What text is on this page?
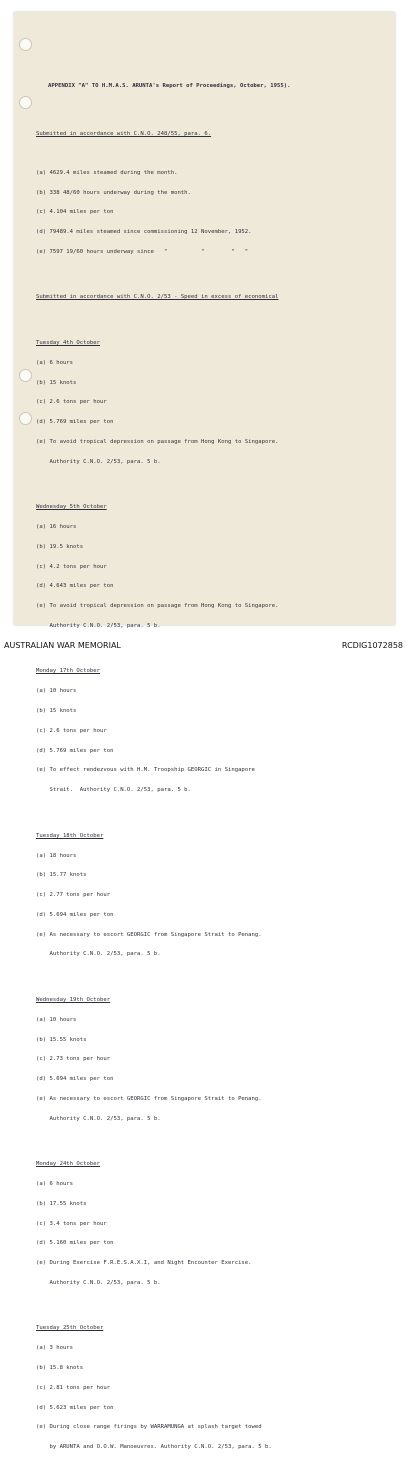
APPENDIX "A" TO H.M.A.S. ARUNTA's Report of Proceedings, October, 1955).

Submitted in accordance with C.N.O. 248/55, para. 6.

(a) 4629.4 miles steamed during the month.

(b) 338 48/60 hours underway during the month.

(c) 4.104 miles per ton

(d) 79489.4 miles steamed since commissioning 12 November, 1952.

(e) 7597 19/60 hours underway since   "          "        "   "

Submitted in accordance with C.N.O. 2/53 - Speed in excess of economical

Tuesday 4th October

(a) 6 hours

(b) 15 knots

(c) 2.6 tons per hour

(d) 5.769 miles per ton

(e) To avoid tropical depression on passage from Hong Kong to Singapore.

Authority C.N.O. 2/53, para. 5 b.

Wednesday 5th October

(a) 16 hours

(b) 19.5 knots

(c) 4.2 tons per hour

(d) 4.643 miles per ton

(e) To avoid tropical depression on passage from Hong Kong to Singapore.

Authority C.N.O. 2/53, para. 5 b.

Monday 17th October

(a) 10 hours

(b) 15 knots

(c) 2.6 tons per hour

(d) 5.769 miles per ton

(e) To effect rendezvous with H.M. Troopship GEORGIC in Singapore

Strait.  Authority C.N.O. 2/53, para. 5 b.

Tuesday 18th October

(a) 18 hours

(b) 15.77 knots

(c) 2.77 tons per hour

(d) 5.694 miles per ton

(e) As necessary to escort GEORGIC from Singapore Strait to Penang.

Authority C.N.O. 2/53, para. 5 b.

Wednesday 19th October

(a) 10 hours

(b) 15.55 knots

(c) 2.73 tons per hour

(d) 5.694 miles per ton

(e) As necessary to escort GEORGIC from Singapore Strait to Penang.

Authority C.N.O. 2/53, para. 5 b.

Monday 24th October

(a) 6 hours

(b) 17.55 knots

(c) 3.4 tons per hour

(d) 5.160 miles per ton

(e) During Exercise F.R.E.S.A.X.I, and Night Encounter Exercise.

Authority C.N.O. 2/53, para. 5 b.

Tuesday 25th October

(a) 3 hours

(b) 15.8 knots

(c) 2.81 tons per hour

(d) 5.623 miles per ton

(e) During close range firings by WARRAMUNGA at splash target towed

by ARUNTA and O.O.W. Manoeuvres. Authority C.N.O. 2/53, para. 5 b.

AUSTRALIAN WAR MEMORIAL	RCDIG1072858
